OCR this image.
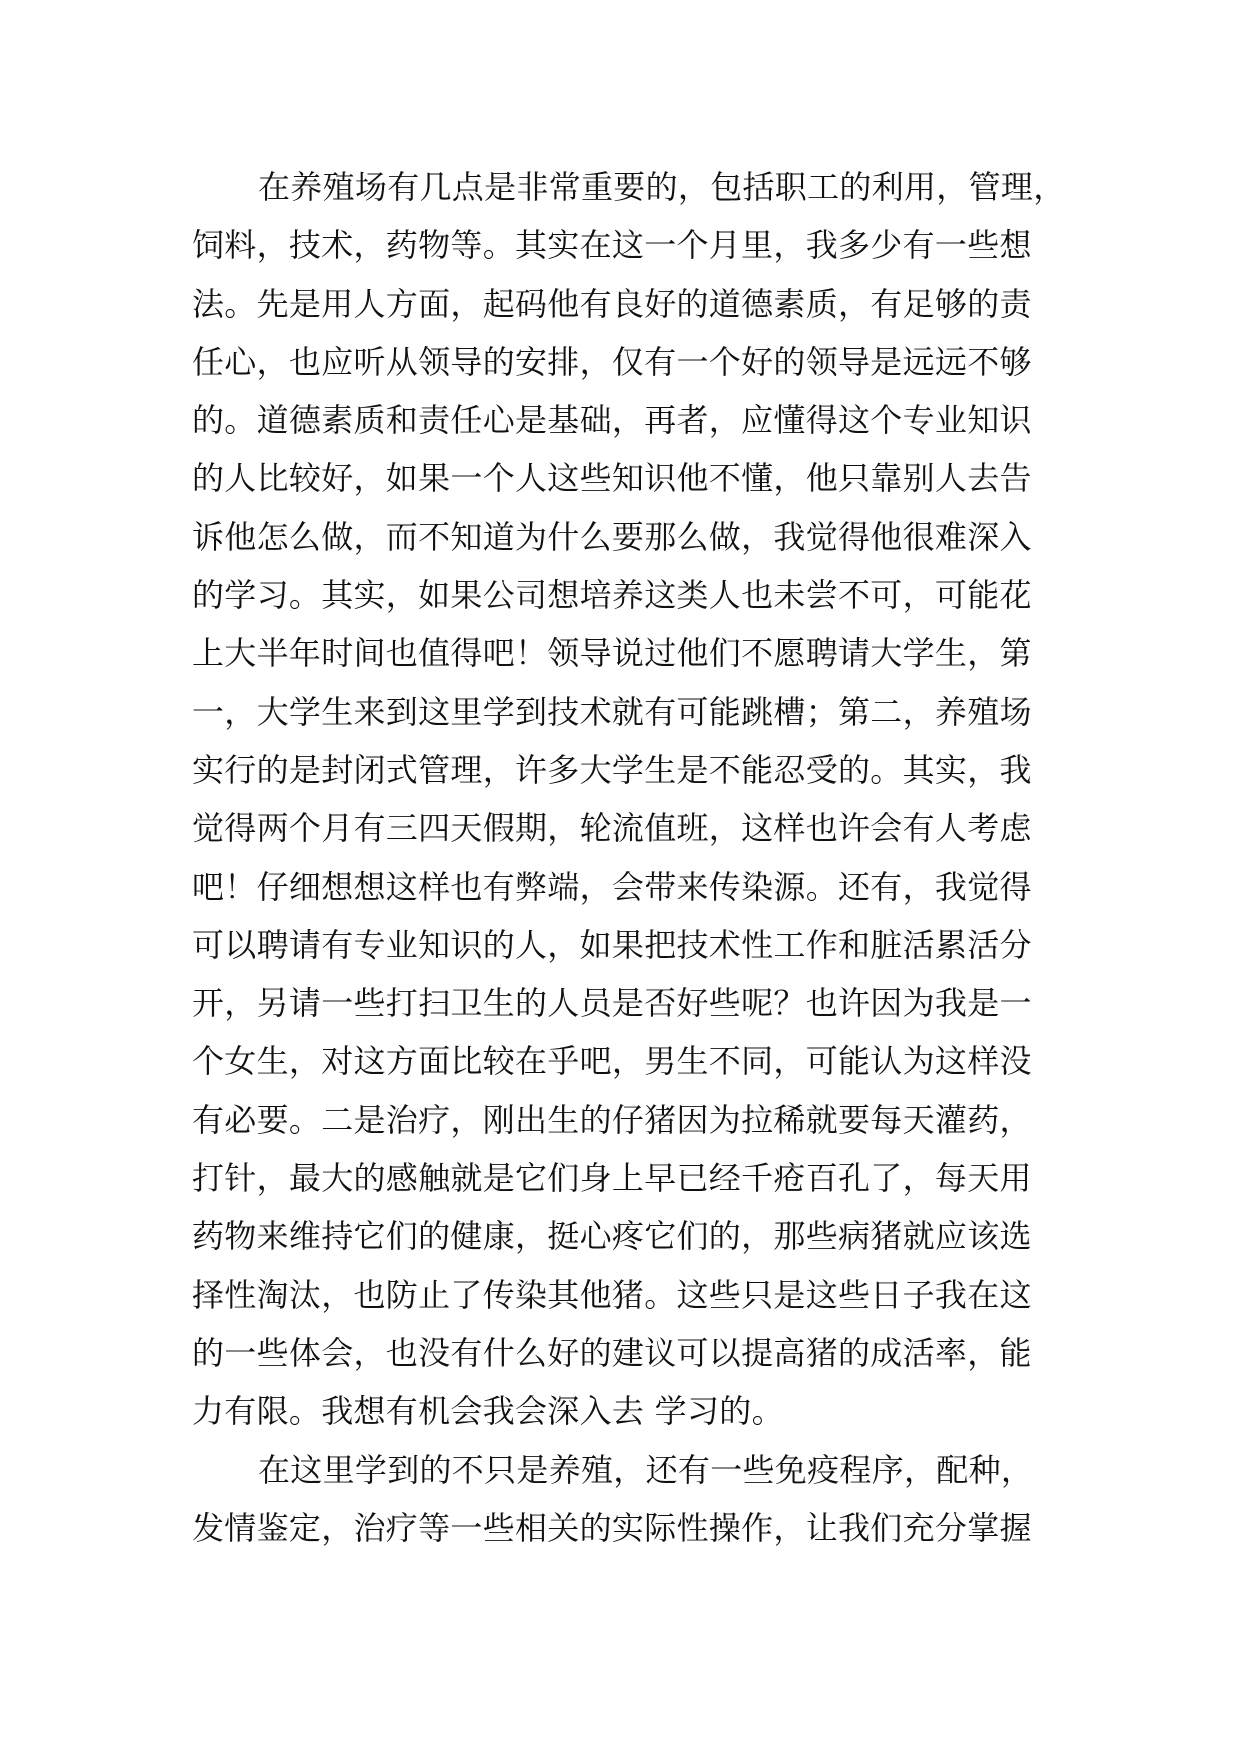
在养殖场有几点是非常重要的，包括职工的利用，管理，
饲料，技术，药物等。其实在这一个月里，我多少有一些想
法。先是用人方面，起码他有良好的道德素质，有足够的责
任心，也应听从领导的安排，仅有一个好的领导是远远不够
的。道德素质和责任心是基础，再者，应懂得这个专业知识
的人比较好，如果一个人这些知识他不懂，他只靠别人去告
诉他怎么做，而不知道为什么要那么做，我觉得他很难深入
的学习。其实，如果公司想培养这类人也未尝不可，可能花
上大半年时间也值得吧！领导说过他们不愿聘请大学生，第
一，大学生来到这里学到技术就有可能跳槽；第二，养殖场
实行的是封闭式管理，许多大学生是不能忍受的。其实，我
觉得两个月有三四天假期，轮流值班，这样也许会有人考虑
吧！仔细想想这样也有弊端，会带来传染源。还有，我觉得
可以聘请有专业知识的人，如果把技术性工作和脏活累活分
开，另请一些打扫卫生的人员是否好些呢？也许因为我是一
个女生，对这方面比较在乎吧，男生不同，可能认为这样没
有必要。二是治疗，刚出生的仔猪因为拉稀就要每天灌药，
打针，最大的感触就是它们身上早已经千疮百孔了，每天用
药物来维持它们的健康，挺心疼它们的，那些病猪就应该选
择性淘汰，也防止了传染其他猪。这些只是这些日子我在这
的一些体会，也没有什么好的建议可以提高猪的成活率，能
力有限。我想有机会我会深入去 学习的。
在这里学到的不只是养殖，还有一些免疫程序，配种，
发情鉴定，治疗等一些相关的实际性操作，让我们充分掌握
